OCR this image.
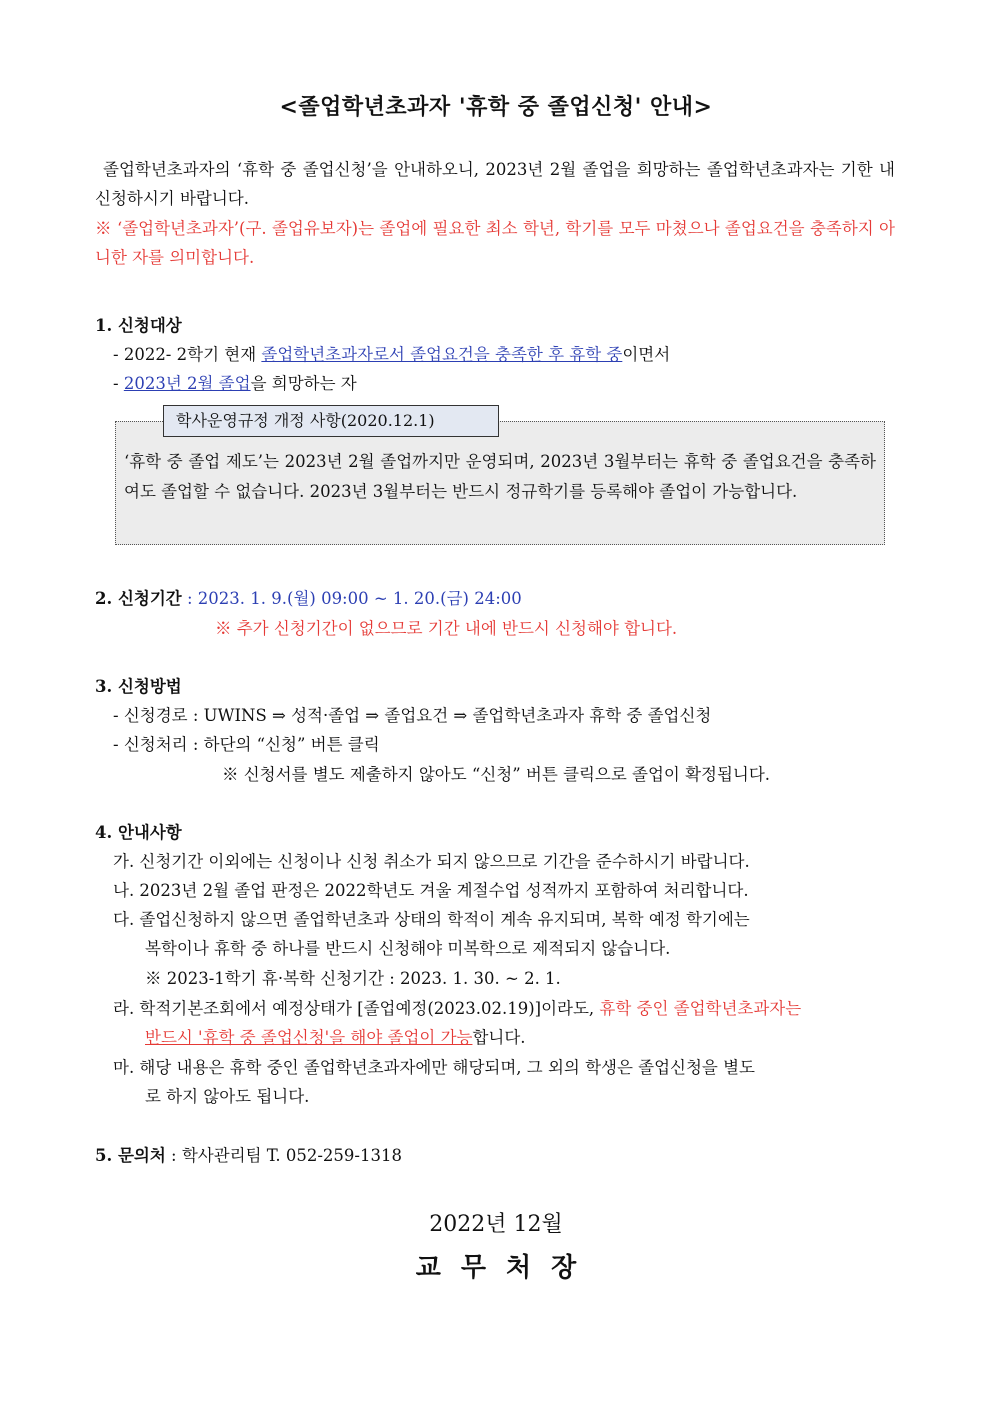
<졸업학년초과자 '휴학 중 졸업신청' 안내>
졸업학년초과자의 ‘휴학 중 졸업신청’을 안내하오니, 2023년 2월 졸업을 희망하는 졸업학년초과자는 기한 내 신청하시기 바랍니다.
※ ‘졸업학년초과자’(구. 졸업유보자)는 졸업에 필요한 최소 학년, 학기를 모두 마쳤으나 졸업요건을 충족하지 아니한 자를 의미합니다.
1. 신청대상
- 2022- 2학기 현재 졸업학년초과자로서 졸업요건을 충족한 후 휴학 중이면서
- 2023년 2월 졸업을 희망하는 자
학사운영규정 개정 사항(2020.12.1)
‘휴학 중 졸업 제도’는 2023년 2월 졸업까지만 운영되며, 2023년 3월부터는 휴학 중 졸업요건을 충족하여도 졸업할 수 없습니다. 2023년 3월부터는 반드시 정규학기를 등록해야 졸업이 가능합니다.
2. 신청기간 : 2023. 1. 9.(월) 09:00 ~ 1. 20.(금) 24:00
※ 추가 신청기간이 없으므로 기간 내에 반드시 신청해야 합니다.
3. 신청방법
- 신청경로 : UWINS ⇒ 성적·졸업 ⇒ 졸업요건 ⇒ 졸업학년초과자 휴학 중 졸업신청
- 신청처리 : 하단의 “신청” 버튼 클릭
※ 신청서를 별도 제출하지 않아도 “신청” 버튼 클릭으로 졸업이 확정됩니다.
4. 안내사항
가. 신청기간 이외에는 신청이나 신청 취소가 되지 않으므로 기간을 준수하시기 바랍니다.
나. 2023년 2월 졸업 판정은 2022학년도 겨울 계절수업 성적까지 포함하여 처리합니다.
다. 졸업신청하지 않으면 졸업학년초과 상태의 학적이 계속 유지되며, 복학 예정 학기에는
복학이나 휴학 중 하나를 반드시 신청해야 미복학으로 제적되지 않습니다.
※ 2023-1학기 휴·복학 신청기간 : 2023. 1. 30. ~ 2. 1.
라. 학적기본조회에서 예정상태가 [졸업예정(2023.02.19)]이라도, 휴학 중인 졸업학년초과자는
반드시 '휴학 중 졸업신청'을 해야 졸업이 가능합니다.
마. 해당 내용은 휴학 중인 졸업학년초과자에만 해당되며, 그 외의 학생은 졸업신청을 별도
로 하지 않아도 됩니다.
5. 문의처 : 학사관리팀 T. 052-259-1318
2022년 12월
교무처장
